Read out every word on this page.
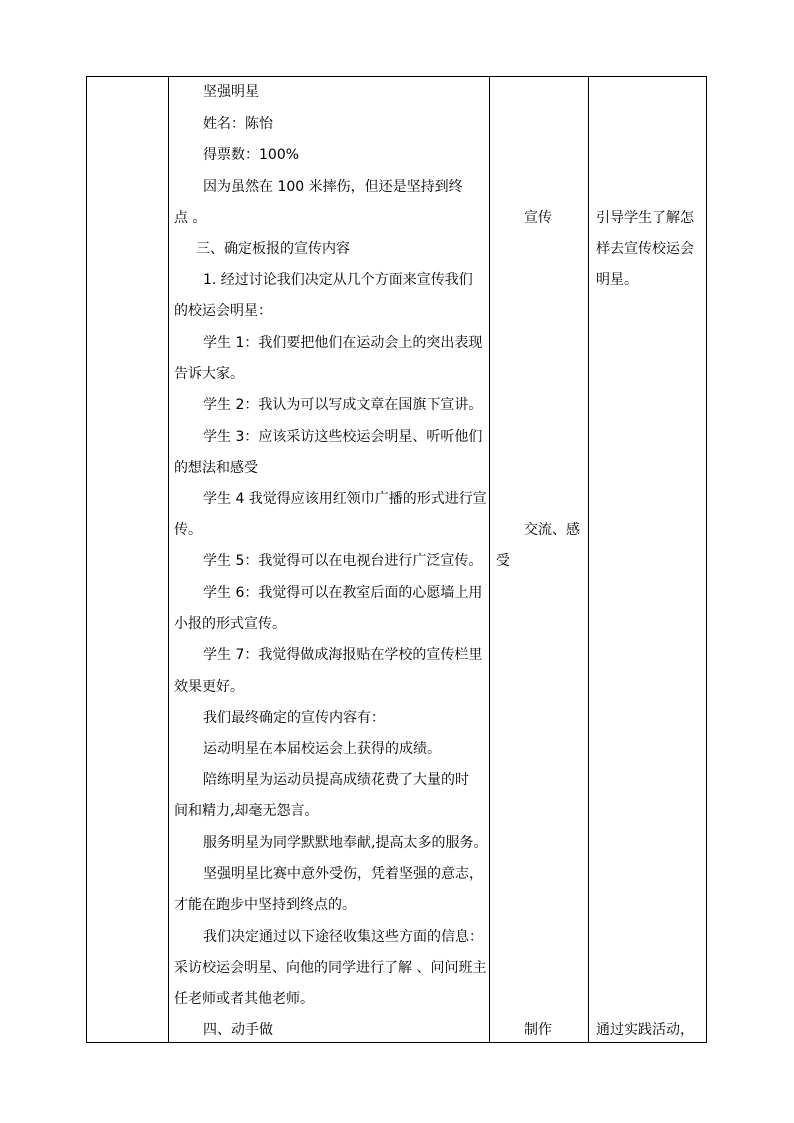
坚强明星
姓名：陈怡
得票数：100%
因为虽然在 100 米摔伤，但还是坚持到终
点 。
三、确定板报的宣传内容
1. 经过讨论我们决定从几个方面来宣传我们
的校运会明星：
学生 1：我们要把他们在运动会上的突出表现
告诉大家。
学生 2：我认为可以写成文章在国旗下宣讲。
学生 3：应该采访这些校运会明星、听听他们
的想法和感受
学生 4 我觉得应该用红领巾广播的形式进行宣
传。
学生 5：我觉得可以在电视台进行广泛宣传。
学生 6：我觉得可以在教室后面的心愿墙上用
小报的形式宣传。
学生 7：我觉得做成海报贴在学校的宣传栏里
效果更好。
我们最终确定的宣传内容有：
运动明星在本届校运会上获得的成绩。
陪练明星为运动员提高成绩花费了大量的时
间和精力,却毫无怨言。
服务明星为同学默默地奉献,提高太多的服务。
坚强明星比赛中意外受伤，凭着坚强的意志，
才能在跑步中坚持到终点的。
我们决定通过以下途径收集这些方面的信息：
采访校运会明星、向他的同学进行了解 、问问班主
任老师或者其他老师。
四、动手做
宣传
交流、感
受
制作
引导学生了解怎
样去宣传校运会
明星。
通过实践活动，
